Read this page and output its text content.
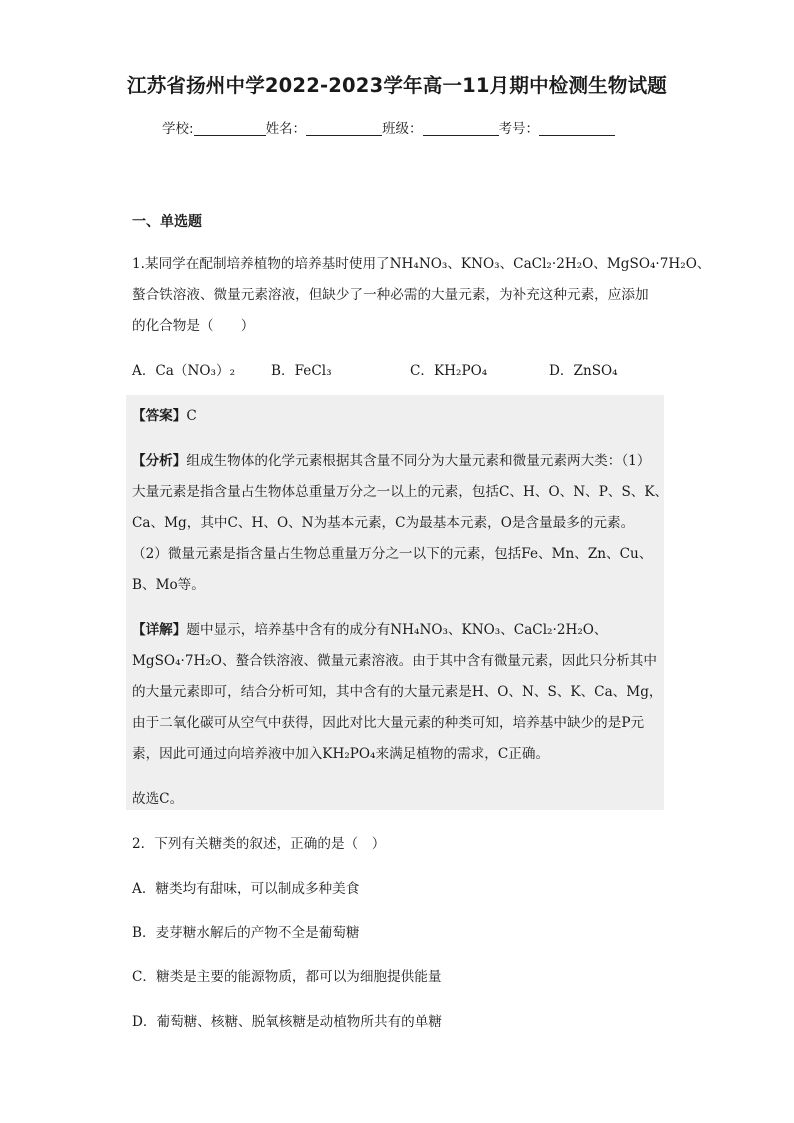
江苏省扬州中学2022-2023学年高一11月期中检测生物试题
学校:	姓名：	班级：	考号：
一、单选题
1.某同学在配制培养植物的培养基时使用了NH₄NO₃、KNO₃、CaCl₂·2H₂O、MgSO₄·7H₂O、
螯合铁溶液、微量元素溶液，但缺少了一种必需的大量元素，为补充这种元素，应添加
的化合物是（　　）
A．Ca（NO₃）₂	B．FeCl₃	C．KH₂PO₄	D．ZnSO₄
【答案】C
【分析】组成生物体的化学元素根据其含量不同分为大量元素和微量元素两大类：（1）
大量元素是指含量占生物体总重量万分之一以上的元素，包括C、H、O、N、P、S、K、
Ca、Mg，其中C、H、O、N为基本元素，C为最基本元素，O是含量最多的元素。
（2）微量元素是指含量占生物总重量万分之一以下的元素，包括Fe、Mn、Zn、Cu、
B、Mo等。
【详解】题中显示，培养基中含有的成分有NH₄NO₃、KNO₃、CaCl₂·2H₂O、
MgSO₄·7H₂O、螯合铁溶液、微量元素溶液。由于其中含有微量元素，因此只分析其中
的大量元素即可，结合分析可知，其中含有的大量元素是H、O、N、S、K、Ca、Mg，
由于二氧化碳可从空气中获得，因此对比大量元素的种类可知，培养基中缺少的是P元
素，因此可通过向培养液中加入KH₂PO₄来满足植物的需求，C正确。
故选C。
2．下列有关糖类的叙述，正确的是（　）
A．糖类均有甜味，可以制成多种美食
B．麦芽糖水解后的产物不全是葡萄糖
C．糖类是主要的能源物质，都可以为细胞提供能量
D．葡萄糖、核糖、脱氧核糖是动植物所共有的单糖
